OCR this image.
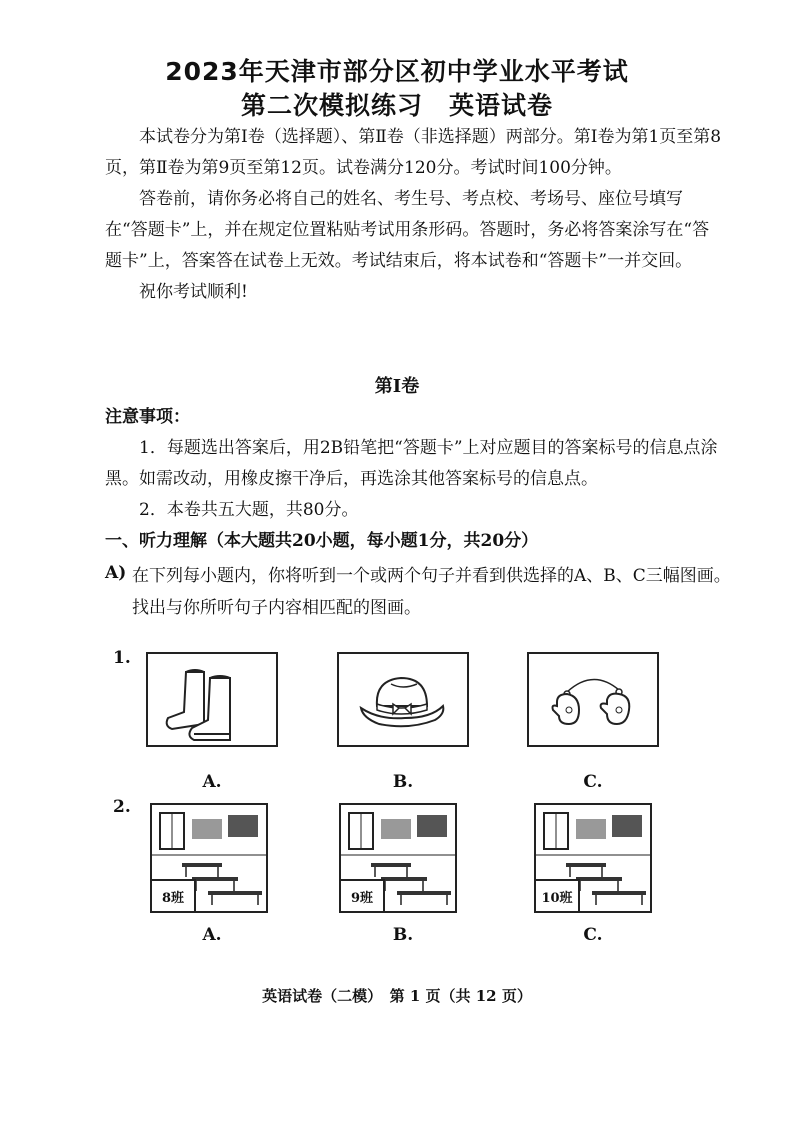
2023年天津市部分区初中学业水平考试
第二次模拟练习　英语试卷

本试卷分为第Ⅰ卷（选择题）、第Ⅱ卷（非选择题）两部分。第Ⅰ卷为第1页至第8页，第Ⅱ卷为第9页至第12页。试卷满分120分。考试时间100分钟。

答卷前，请你务必将自己的姓名、考生号、考点校、考场号、座位号填写在“答题卡”上，并在规定位置粘贴考试用条形码。答题时，务必将答案涂写在“答题卡”上，答案答在试卷上无效。考试结束后，将本试卷和“答题卡”一并交回。

祝你考试顺利!

第Ⅰ卷

注意事项：

1．每题选出答案后，用2B铅笔把“答题卡”上对应题目的答案标号的信息点涂黑。如需改动，用橡皮擦干净后，再选涂其他答案标号的信息点。

2．本卷共五大题，共80分。

一、听力理解（本大题共20小题，每小题1分，共20分）

A) 在下列每小题内，你将听到一个或两个句子并看到供选择的A、B、C三幅图画。找出与你所听句子内容相匹配的图画。
1.
A.	B.	C.
2.
8班
A.
9班
B.
10班
C.
英语试卷（二模）　第 1 页（共 12 页）
